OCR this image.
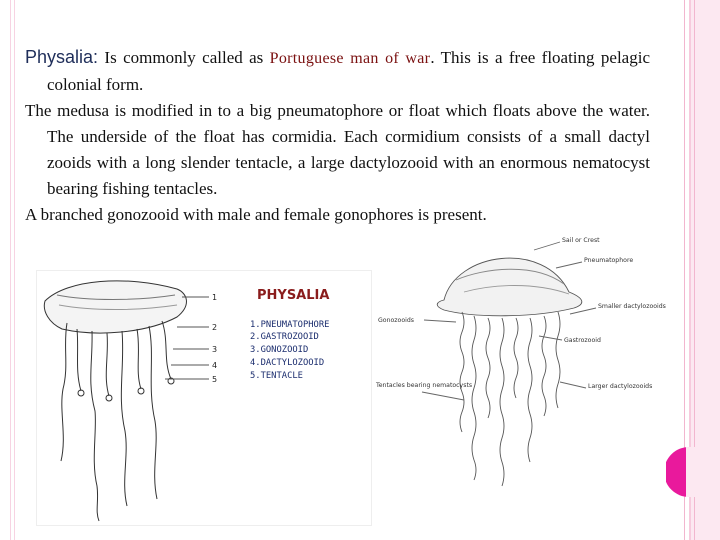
Physalia: Is commonly called as Portuguese man of war. This is a free floating pelagic colonial form.

The medusa is modified in to a big pneumatophore or float which floats above the water. The underside of the float has cormidia. Each cormidium consists of a small dactyl zooids with a long slender tentacle, a large dactylozooid with an enormous nematocyst bearing fishing tentacles.

A branched gonozooid with male and female gonophores is present.

1
2
3
4
5
PHYSALIA
1.PNEUMATOPHORE
2.GASTROZOOID
3.GONOZOOID
4.DACTYLOZOOID
5.TENTACLE
Sail or Crest
Pneumatophore
Gonozooids
Smaller dactylozooids
Gastrozooid
Tentacles bearing nematocysts	Larger dactylozooids
